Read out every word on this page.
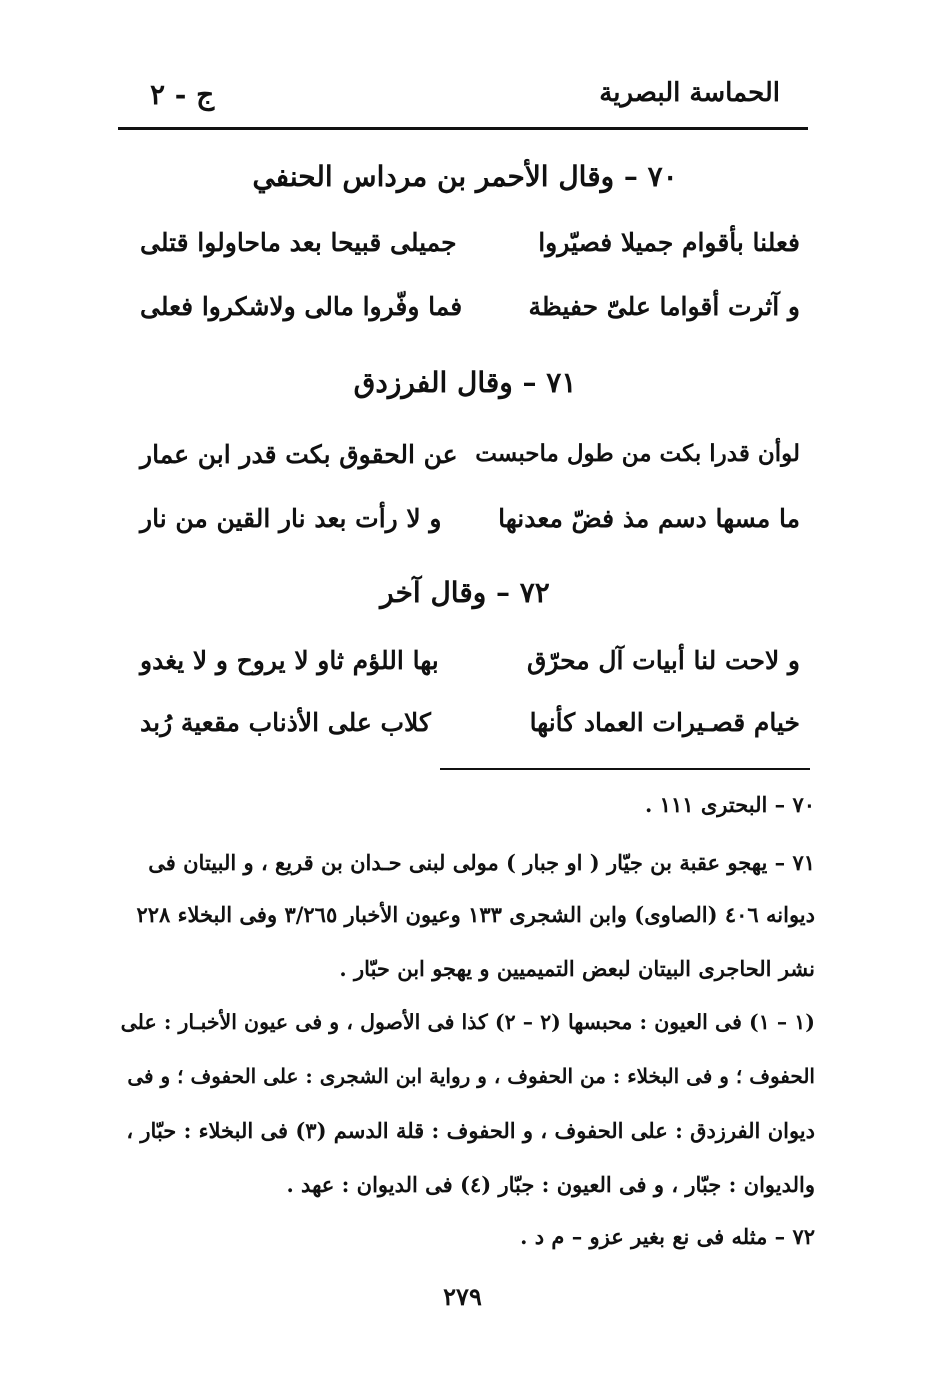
الحماسة البصرية
ج - ٢
٧٠ – وقال الأحمر بن مرداس الحنفي
فعلنا بأقوام جميلا فصيّروا
جميلى قبيحا بعد ماحاولوا قتلى
و آثرت أقواما علىّ حفيظة
فما وفّروا مالى ولاشكروا فعلى
٧١ – وقال الفرزدق
لوأن قدرا بكت من طول ماحبست
عن الحقوق بكت قدر ابن عمار
ما مسها دسم مذ فضّ معدنها
و لا رأت بعد نار القين من نار
٧٢ – وقال آخر
و لاحت لنا أبيات آل محرّق
بها اللؤم ثاو لا يروح و لا يغدو
خيام قصـيرات العماد كأنها
كلاب على الأذناب مقعية رُبد
٧٠ – البحترى ١١١ .
٧١ – يهجو عقبة بن جيّار ( او جبار ) مولى لبنى حـدان بن قريع ، و البيتان فى
ديوانه ٤٠٦ (الصاوى) وابن الشجرى ١٣٣ وعيون الأخبار ٣/٢٦٥ وفى البخلاء ٢٢٨
نشر الحاجرى البيتان لبعض التميميين و يهجو ابن حبّار .
(١ – ١) فى العيون : محبسها (٢ – ٢) كذا فى الأصول ، و فى عيون الأخبـار : على
الحفوف ؛ و فى البخلاء : من الحفوف ، و رواية ابن الشجرى : على الحفوف ؛ و فى
ديوان الفرزدق : على الحفوف ، و الحفوف : قلة الدسم (٣) فى البخلاء : حبّار ،
والديوان : جبّار ، و فى العيون : جبّار (٤) فى الديوان : عهد .
٧٢ – مثله فى نع بغير عزو – م د .
٢٧٩
